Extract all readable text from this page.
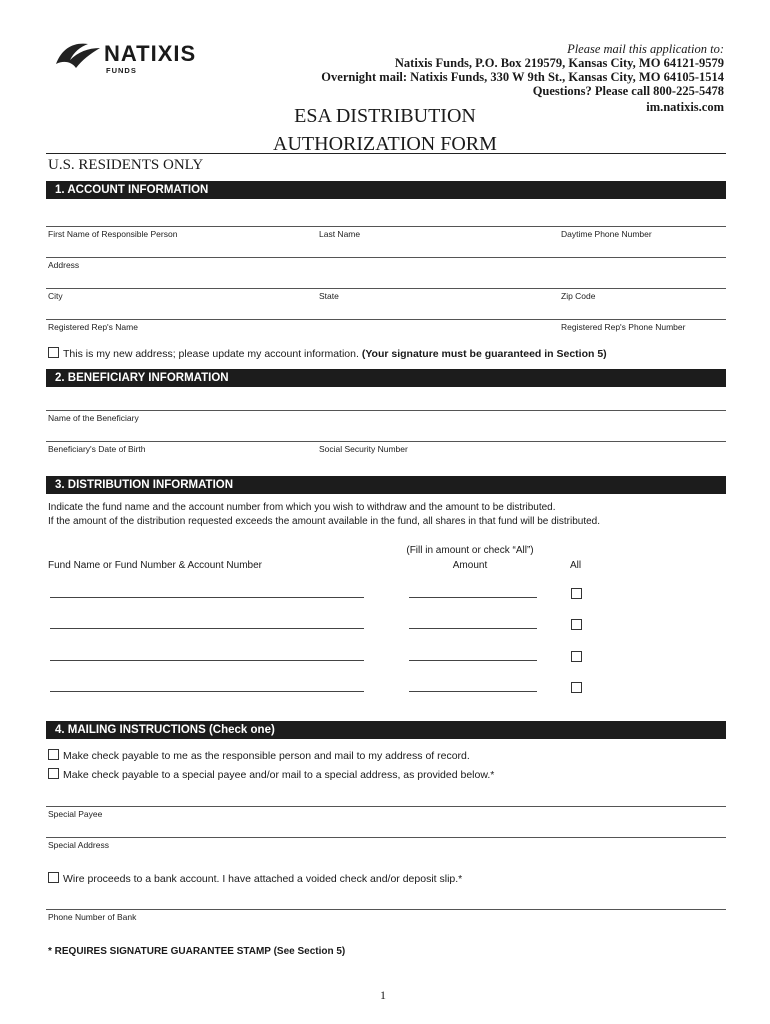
NATIXIS
FUNDS
Please mail this application to:
Natixis Funds, P.O. Box 219579, Kansas City, MO 64121-9579
Overnight mail: Natixis Funds, 330 W 9th St., Kansas City, MO 64105-1514
Questions? Please call 800-225-5478
im.natixis.com
ESA DISTRIBUTION
AUTHORIZATION FORM
U.S. RESIDENTS ONLY
1. ACCOUNT INFORMATION
First Name of Responsible Person	Last Name	Daytime Phone Number
Address
City	State	Zip Code
Registered Rep's Name	Registered Rep's Phone Number
This is my new address; please update my account information. (Your signature must be guaranteed in Section 5)
2. BENEFICIARY INFORMATION
Name of the Beneficiary
Beneficiary's Date of Birth	Social Security Number
3. DISTRIBUTION INFORMATION
Indicate the fund name and the account number from which you wish to withdraw and the amount to be distributed.
If the amount of the distribution requested exceeds the amount available in the fund, all shares in that fund will be distributed.
(Fill in amount or check “All”)
Fund Name or Fund Number & Account Number	Amount	All
4. MAILING INSTRUCTIONS (Check one)
Make check payable to me as the responsible person and mail to my address of record.
Make check payable to a special payee and/or mail to a special address, as provided below.*
Special Payee
Special Address
Wire proceeds to a bank account. I have attached a voided check and/or deposit slip.*
Phone Number of Bank
* REQUIRES SIGNATURE GUARANTEE STAMP (See Section 5)
1
